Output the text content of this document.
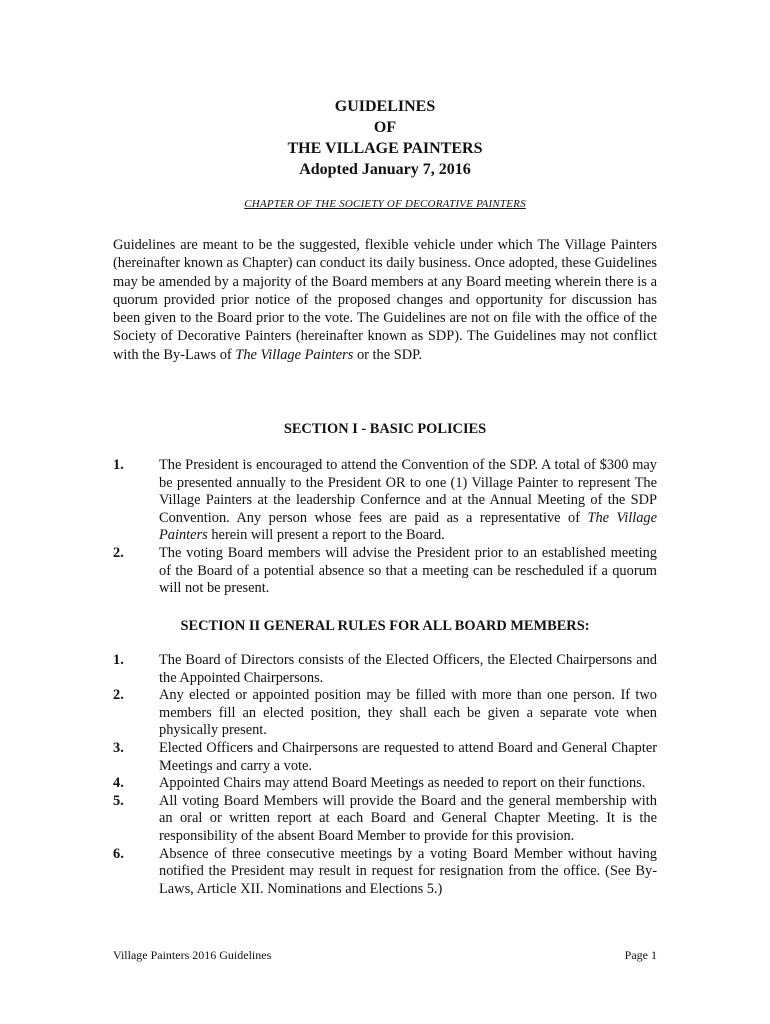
GUIDELINES
OF
THE VILLAGE PAINTERS
Adopted January 7, 2016
CHAPTER OF THE SOCIETY OF DECORATIVE PAINTERS

Guidelines are meant to be the suggested, flexible vehicle under which The Village Painters (hereinafter known as Chapter) can conduct its daily business. Once adopted, these Guidelines may be amended by a majority of the Board members at any Board meeting wherein there is a quorum provided prior notice of the proposed changes and opportunity for discussion has been given to the Board prior to the vote. The Guidelines are not on file with the office of the Society of Decorative Painters (hereinafter known as SDP). The Guidelines may not conflict with the By-Laws of The Village Painters or the SDP.

SECTION I - BASIC POLICIES
1.	The President is encouraged to attend the Convention of the SDP. A total of $300 may be presented annually to the President OR to one (1) Village Painter to represent The Village Painters at the leadership Confernce and at the Annual Meeting of the SDP Convention. Any person whose fees are paid as a representative of The Village Painters herein will present a report to the Board.
2.	The voting Board members will advise the President prior to an established meeting of the Board of a potential absence so that a meeting can be rescheduled if a quorum will not be present.
SECTION II GENERAL RULES FOR ALL BOARD MEMBERS:
1.	The Board of Directors consists of the Elected Officers, the Elected Chairpersons and the Appointed Chairpersons.
2.	Any elected or appointed position may be filled with more than one person. If two members fill an elected position, they shall each be given a separate vote when physically present.
3.	Elected Officers and Chairpersons are requested to attend Board and General Chapter Meetings and carry a vote.
4.	Appointed Chairs may attend Board Meetings as needed to report on their functions.
5.	All voting Board Members will provide the Board and the general membership with an oral or written report at each Board and General Chapter Meeting. It is the responsibility of the absent Board Member to provide for this provision.
6.	Absence of three consecutive meetings by a voting Board Member without having notified the President may result in request for resignation from the office. (See By-Laws, Article XII. Nominations and Elections 5.)
Village Painters 2016 Guidelines	Page 1
